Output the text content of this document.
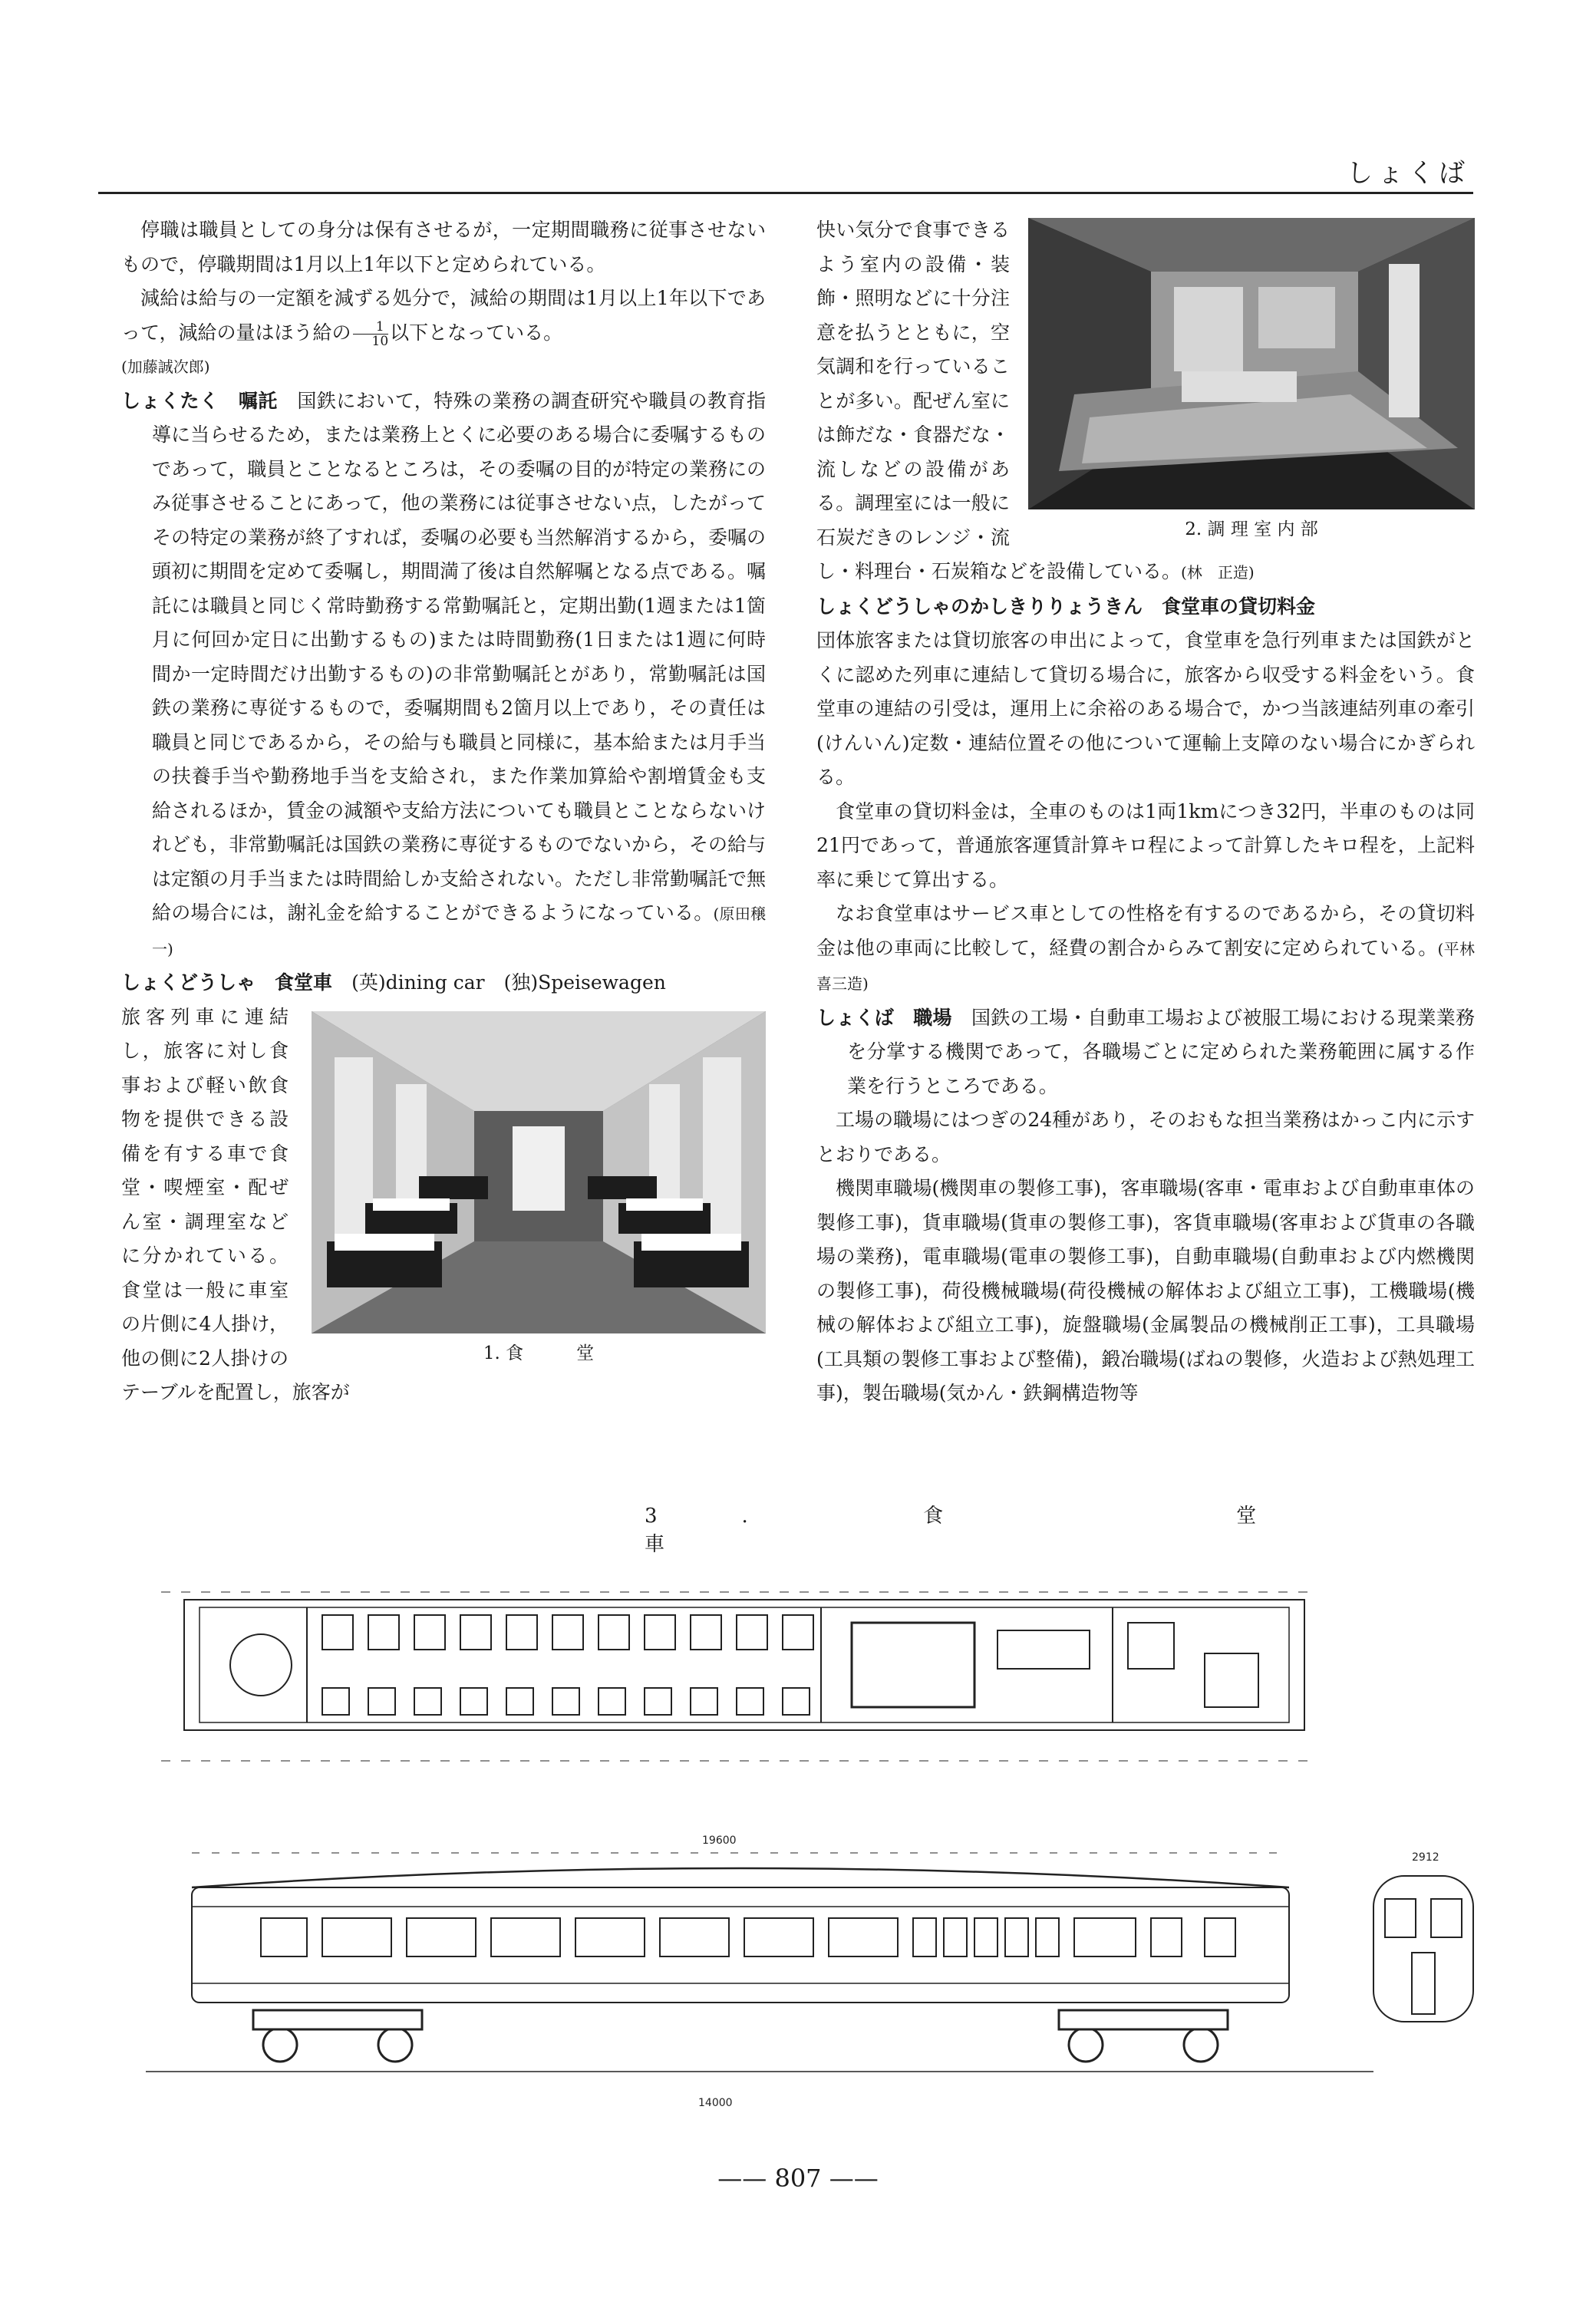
しょくば

停職は職員としての身分は保有させるが，一定期間職務に従事させないもので，停職期間は1月以上1年以下と定められている。

減給は給与の一定額を減ずる処分で，減給の期間は1月以上1年以下であって，減給の量はほう給の $\frac{1}{10}$ 以下となっている。

(加藤誠次郎)

しょくたく　 嘱託　 国鉄において，特殊の業務の調査研究や職員の教育指導に当らせるため，または業務上とくに必要のある場合に委嘱するものであって，職員とことなるところは，その委嘱の目的が特定の業務にのみ従事させることにあって，他の業務には従事させない点，したがってその特定の業務が終了すれば，委嘱の必要も当然解消するから，委嘱の頭初に期間を定めて委嘱し，期間満了後は自然解嘱となる点である。嘱託には職員と同じく常時勤務する常勤嘱託と，定期出勤(1週または1箇月に何回か定日に出勤するもの)または時間勤務(1日または1週に何時間か一定時間だけ出勤するもの)の非常勤嘱託とがあり，常勤嘱託は国鉄の業務に専従するもので，委嘱期間も2箇月以上であり，その責任は職員と同じであるから，その給与も職員と同様に，基本給または月手当の扶養手当や勤務地手当を支給され，また作業加算給や割増賃金も支給されるほか，賃金の減額や支給方法についても職員とことならないけれども，非常勤嘱託は国鉄の業務に専従するものでないから，その給与は定額の月手当または時間給しか支給されない。ただし非常勤嘱託で無給の場合には，謝礼金を給することができるようになっている。(原田穣一)

しょくどうしゃ　 食堂車　 (英)dining car　 (独)Speisewagen

1. 食　　　堂

旅客列車に連結し，旅客に対し食事および軽い飲食物を提供できる設備を有する車で食堂・喫煙室・配ぜん室・調理室などに分かれている。食堂は一般に車室の片側に4人掛け，他の側に2人掛けのテーブルを配置し，旅客が

2. 調 理 室 内 部

快い気分で食事できるよう室内の設備・装飾・照明などに十分注意を払うとともに，空気調和を行っていることが多い。配ぜん室には飾だな・食器だな・流しなどの設備がある。調理室には一般に石炭だきのレンジ・流し・料理台・石炭箱などを設備している。(林　正造)

しょくどうしゃのかしきりりょうきん　 食堂車の貸切料金

団体旅客または貸切旅客の申出によって，食堂車を急行列車または国鉄がとくに認めた列車に連結して貸切る場合に，旅客から収受する料金をいう。食堂車の連結の引受は，運用上に余裕のある場合で，かつ当該連結列車の牽引(けんいん)定数・連結位置その他について運輸上支障のない場合にかぎられる。

食堂車の貸切料金は，全車のものは1両1kmにつき32円，半車のものは同21円であって，普通旅客運賃計算キロ程によって計算したキロ程を，上記料率に乗じて算出する。

なお食堂車はサービス車としての性格を有するのであるから，その貸切料金は他の車両に比較して，経費の割合からみて割安に定められている。(平林喜三造)

しょくば　 職場　 国鉄の工場・自動車工場および被服工場における現業業務を分掌する機関であって，各職場ごとに定められた業務範囲に属する作業を行うところである。

工場の職場にはつぎの24種があり，そのおもな担当業務はかっこ内に示すとおりである。

機関車職場(機関車の製修工事)，客車職場(客車・電車および自動車車体の製修工事)，貨車職場(貨車の製修工事)，客貨車職場(客車および貨車の各職場の業務)，電車職場(電車の製修工事)，自動車職場(自動車および内燃機関の製修工事)，荷役機械職場(荷役機械の解体および組立工事)，工機職場(機械の解体および組立工事)，旋盤職場(金属製品の機械削正工事)，工具職場(工具類の製修工事および整備)，鍛冶職場(ばねの製修，火造および熱処理工事)，製缶職場(気かん・鉄鋼構造物等

3. 食　　堂　　車
19600
14000
2912
—— 807 ——
